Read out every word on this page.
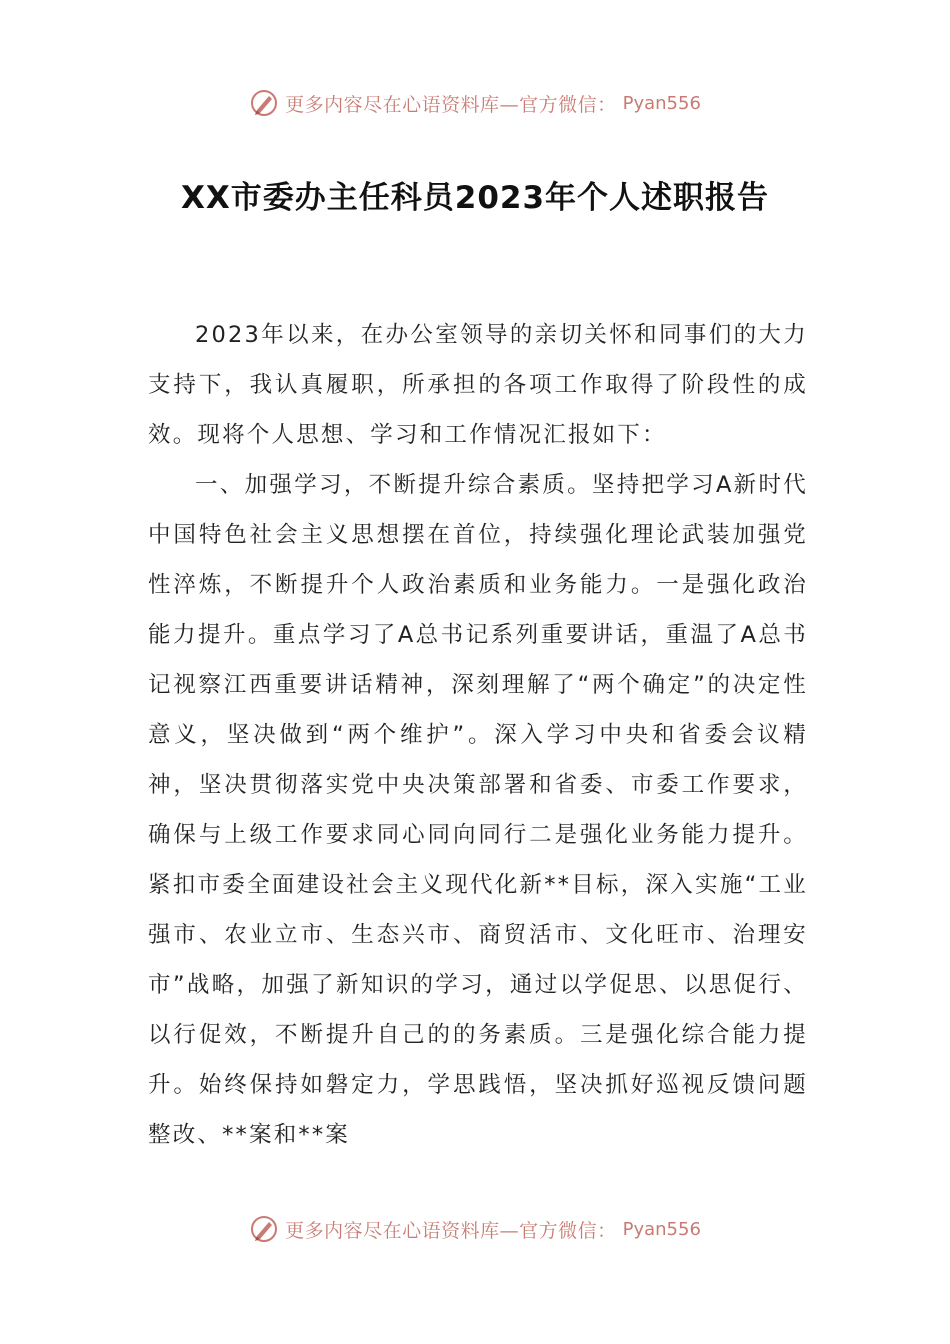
更多内容尽在心语资料库—官方微信： Pyan556
XX市委办主任科员2023年个人述职报告

2023年以来，在办公室领导的亲切关怀和同事们的大力支持下，我认真履职，所承担的各项工作取得了阶段性的成效。现将个人思想、学习和工作情况汇报如下：

一、加强学习，不断提升综合素质。坚持把学习A新时代中国特色社会主义思想摆在首位，持续强化理论武装加强党性淬炼，不断提升个人政治素质和业务能力。一是强化政治能力提升。重点学习了A总书记系列重要讲话，重温了A总书记视察江西重要讲话精神，深刻理解了“两个确定”的决定性意义，坚决做到“两个维护”。深入学习中央和省委会议精神，坚决贯彻落实党中央决策部署和省委、市委工作要求，确保与上级工作要求同心同向同行二是强化业务能力提升。紧扣市委全面建设社会主义现代化新**目标，深入实施“工业强市、农业立市、生态兴市、商贸活市、文化旺市、治理安市”战略，加强了新知识的学习，通过以学促思、以思促行、以行促效，不断提升自己的的务素质。三是强化综合能力提升。始终保持如磐定力，学思践悟，坚决抓好巡视反馈问题整改、**案和**案

更多内容尽在心语资料库—官方微信： Pyan556
